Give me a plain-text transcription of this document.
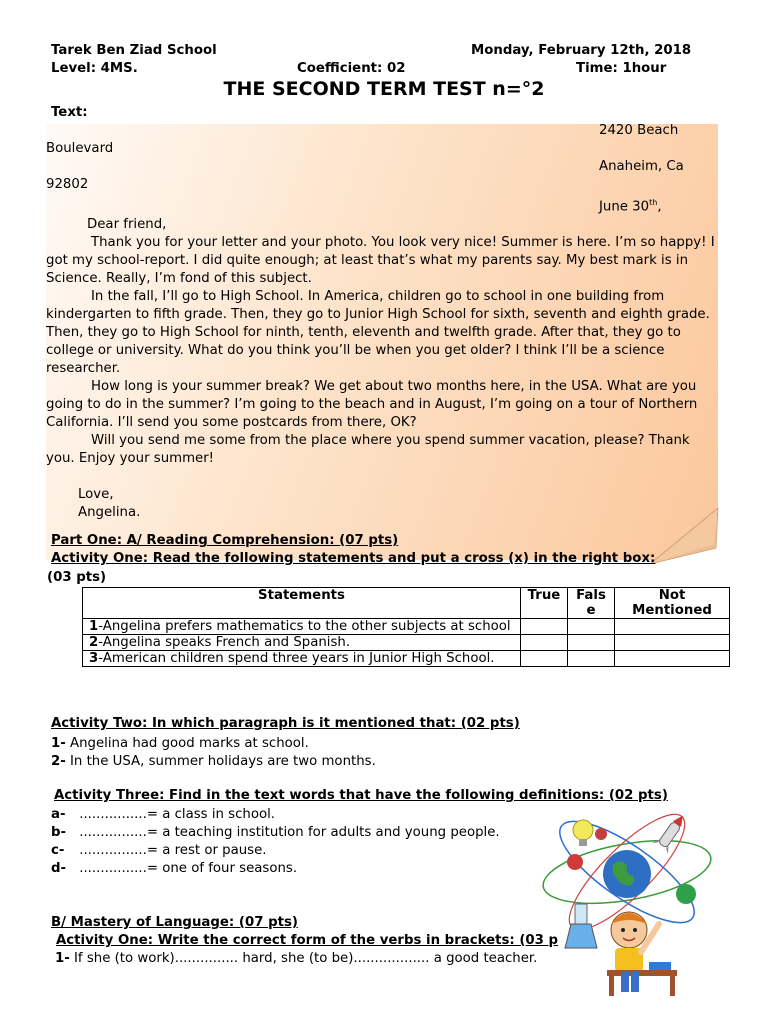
Tarek Ben Ziad School	Monday, February 12th, 2018
Level: 4MS.	Coefficient: 02	Time: 1hour
THE SECOND TERM TEST n=°2
Text:

2420 Beach

Boulevard

Anaheim, Ca

92802

June 30th,

Dear friend,

Thank you for your letter and your photo. You look very nice! Summer is here. I’m so happy! I        got my school-report. I did quite enough; at least that’s what my parents say. My best mark is in Science. Really, I’m fond of this subject.

In the fall, I’ll go to High School. In America, children go to school in one building from kindergarten to fifth grade. Then, they go to Junior High School for sixth, seventh and eighth grade. Then, they go to High School for ninth, tenth, eleventh and twelfth grade. After that, they go to college or university. What do you think you’ll be when you get older? I think I’ll be a science researcher.

How long is your summer break? We get about two months here, in the USA. What are you going to do in the summer? I’m going to the beach and in August, I’m going on a tour of Northern California. I’ll send you some postcards from there, OK?

Will you send me some from the place where you spend summer vacation, please? Thank you. Enjoy your summer!

Love,

Angelina.

Part One: A/ Reading Comprehension: (07 pts)
Activity One: Read the following statements and put a cross (x) in the right box:
(03 pts)
Statements	True	False	Not Mentioned
1-Angelina prefers mathematics to the other subjects at school			
2-Angelina speaks French and Spanish.			
3-American children spend three years in Junior High School.			
Activity Two: In which paragraph is it mentioned that: (02 pts)
1- Angelina had good marks at school.
2- In the USA, summer holidays are two months.
Activity Three: Find in the text words that have the following definitions: (02 pts)
a- ................= a class in school.
b- ................= a teaching institution for adults and young people.
c- ................= a rest or pause.
d- ................= one of four seasons.
B/ Mastery of Language: (07 pts)
Activity One: Write the correct form of the verbs in brackets: (03 p
1- If she (to work)............... hard, she (to be).................. a good teacher.
